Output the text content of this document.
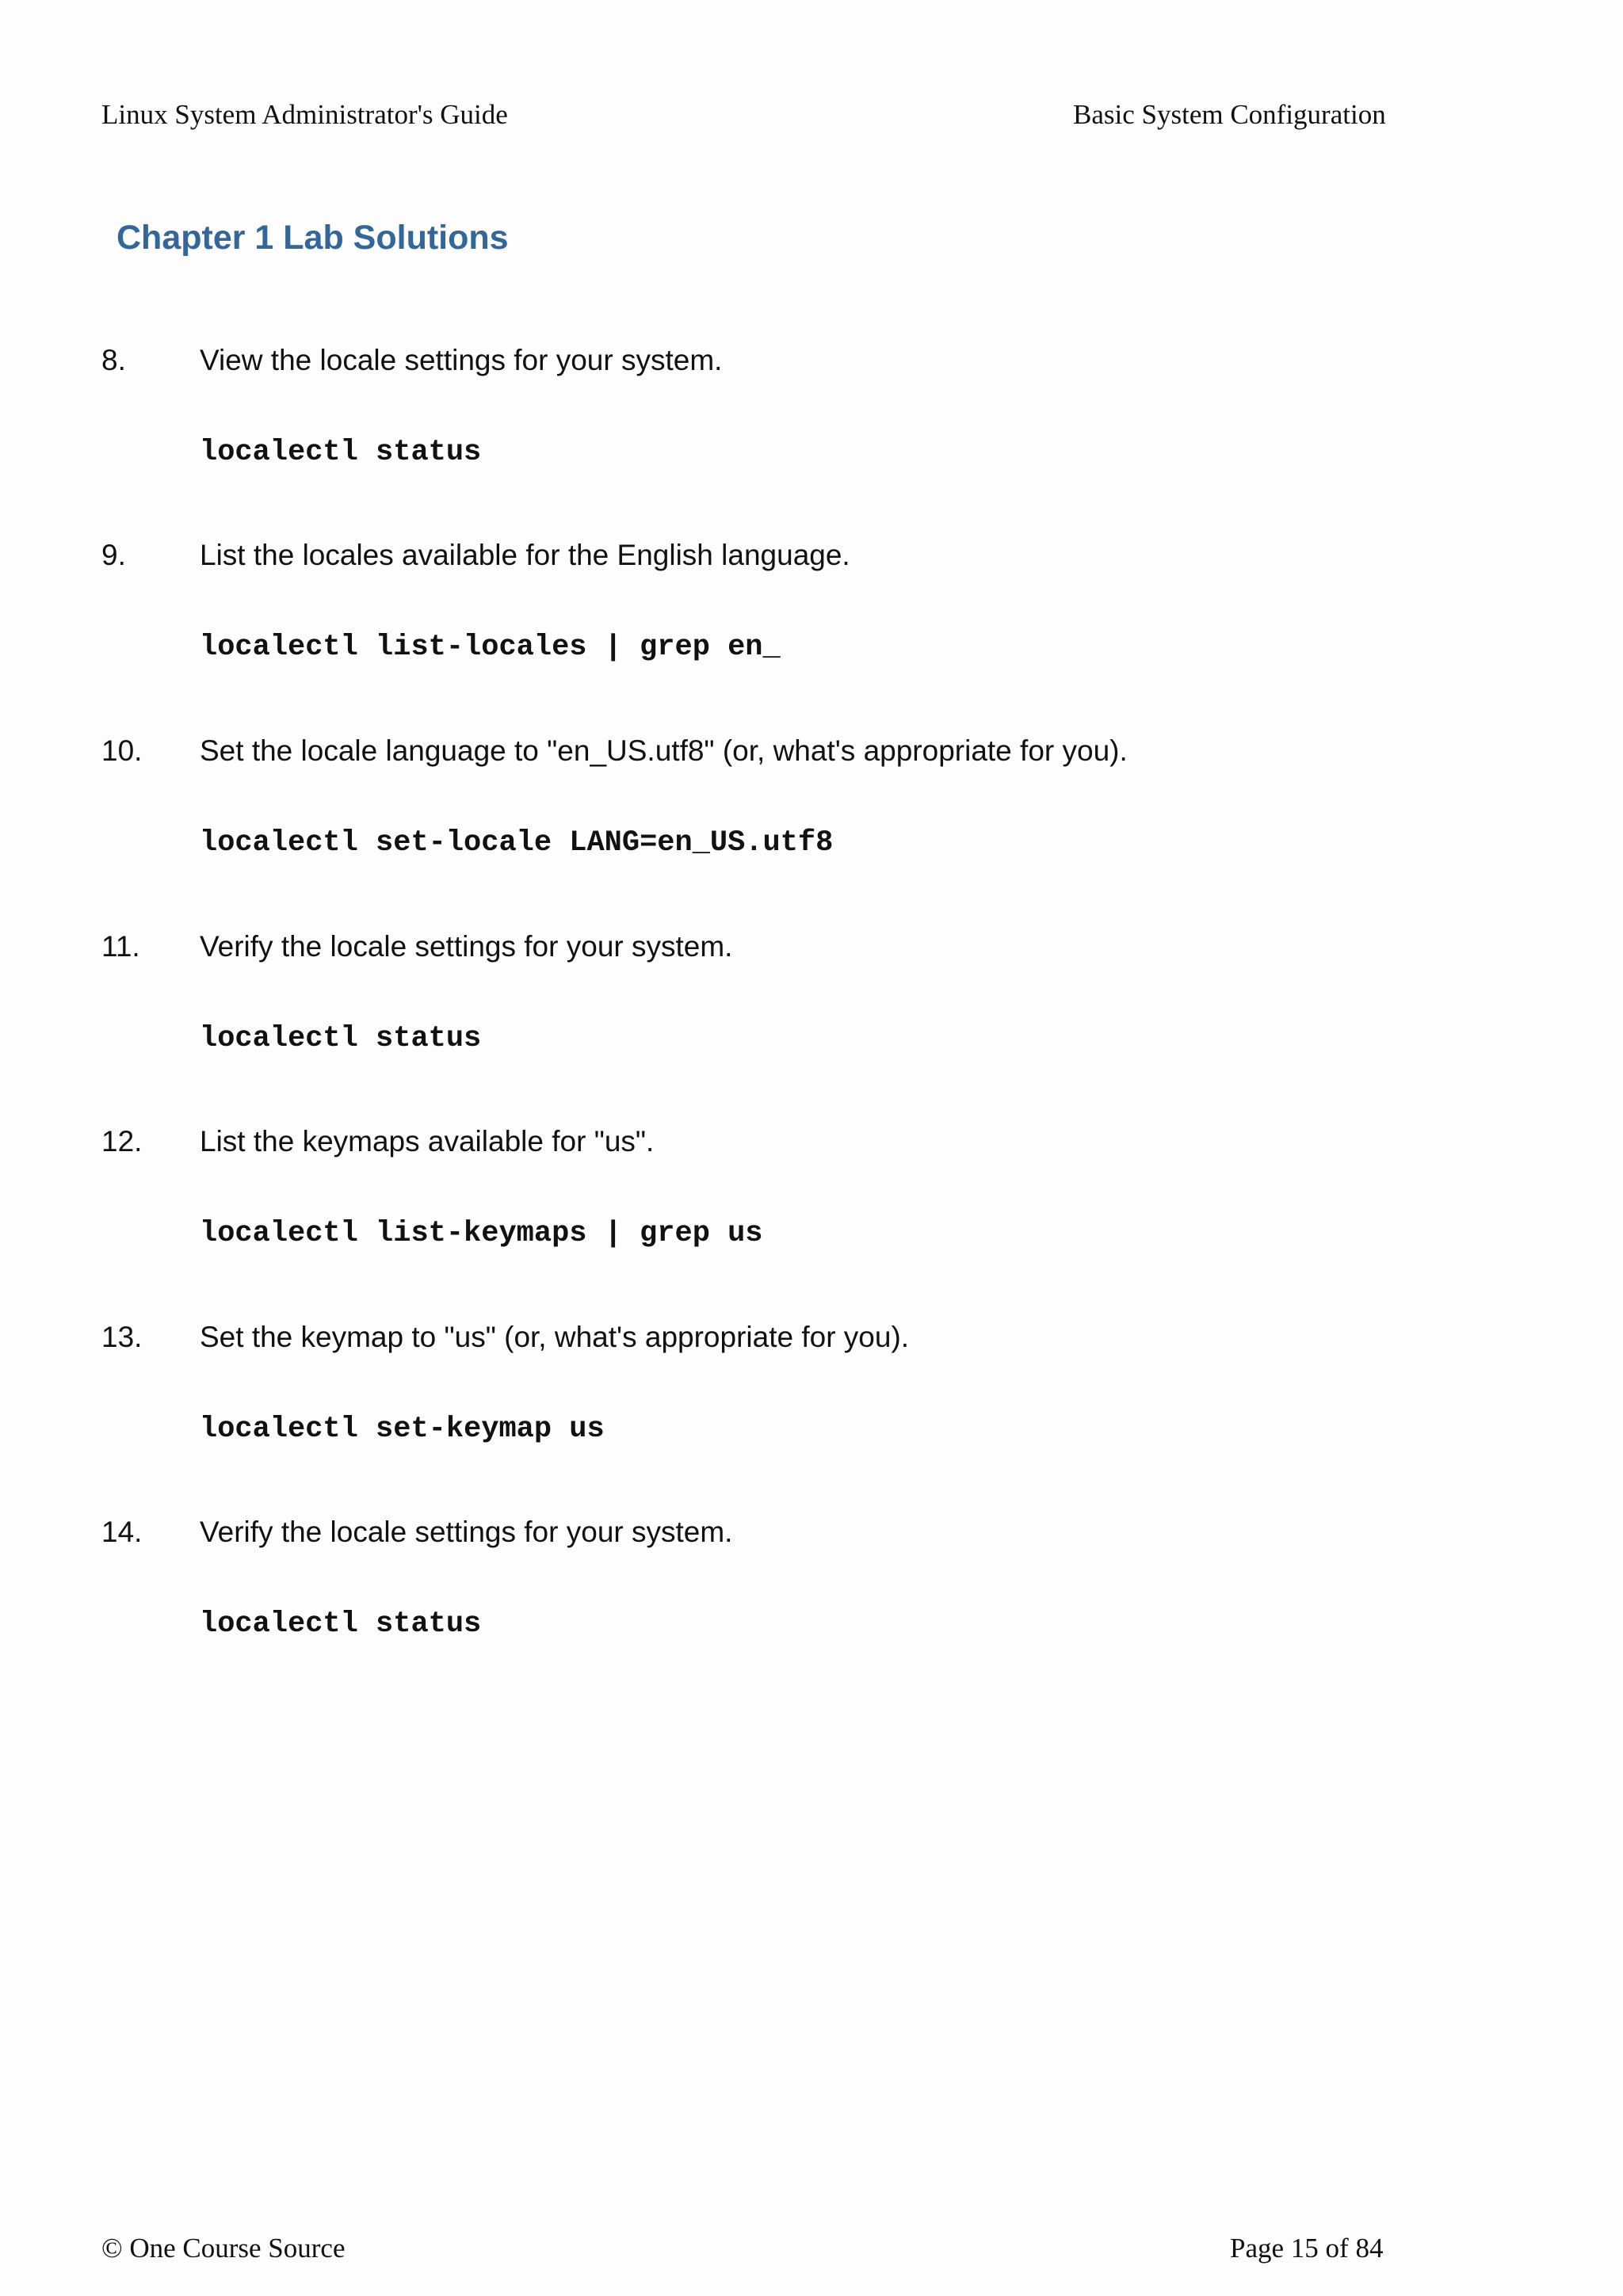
Linux System Administrator's Guide	Basic System Configuration
Chapter 1 Lab Solutions
8.	View the locale settings for your system.
localectl status
9.	List the locales available for the English language.
localectl list-locales | grep en_
10.	Set the locale language to "en_US.utf8" (or, what's appropriate for you).
localectl set-locale LANG=en_US.utf8
11.	Verify the locale settings for your system.
localectl status
12.	List the keymaps available for "us".
localectl list-keymaps | grep us
13.	Set the keymap to "us" (or, what's appropriate for you).
localectl set-keymap us
14.	Verify the locale settings for your system.
localectl status
© One Course Source	Page 15 of 84
